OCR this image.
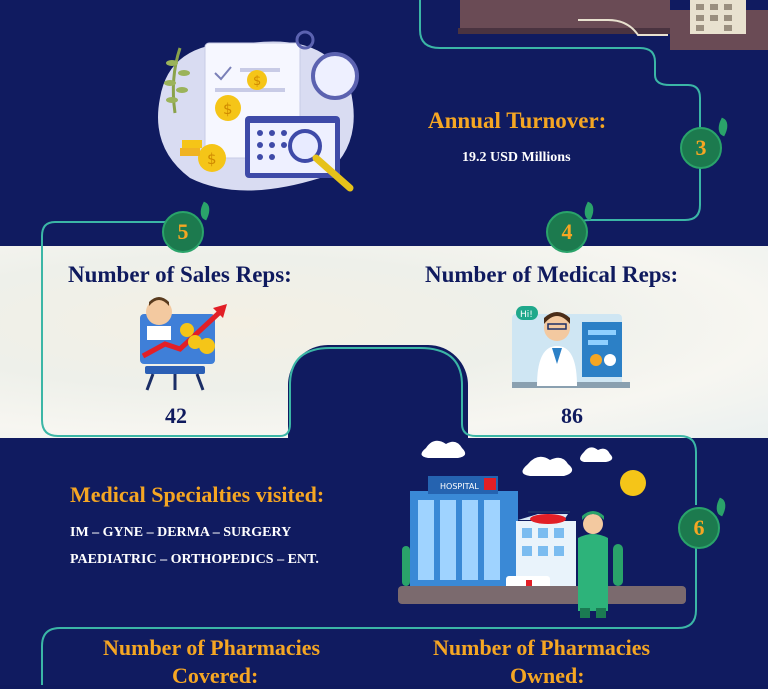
$
$
$

Annual Turnover:

19.2 USD Millions	3
5	4

Number of Sales Reps:

42

Number of Medical Reps:

Hi!

86

Medical Specialties visited:

IM – GYNE – DERMA – SURGERY

PAEDIATRIC – ORTHOPEDICS – ENT.

6
HOSPITAL

Number of Pharmacies

Covered:

Number of Pharmacies

Owned:
